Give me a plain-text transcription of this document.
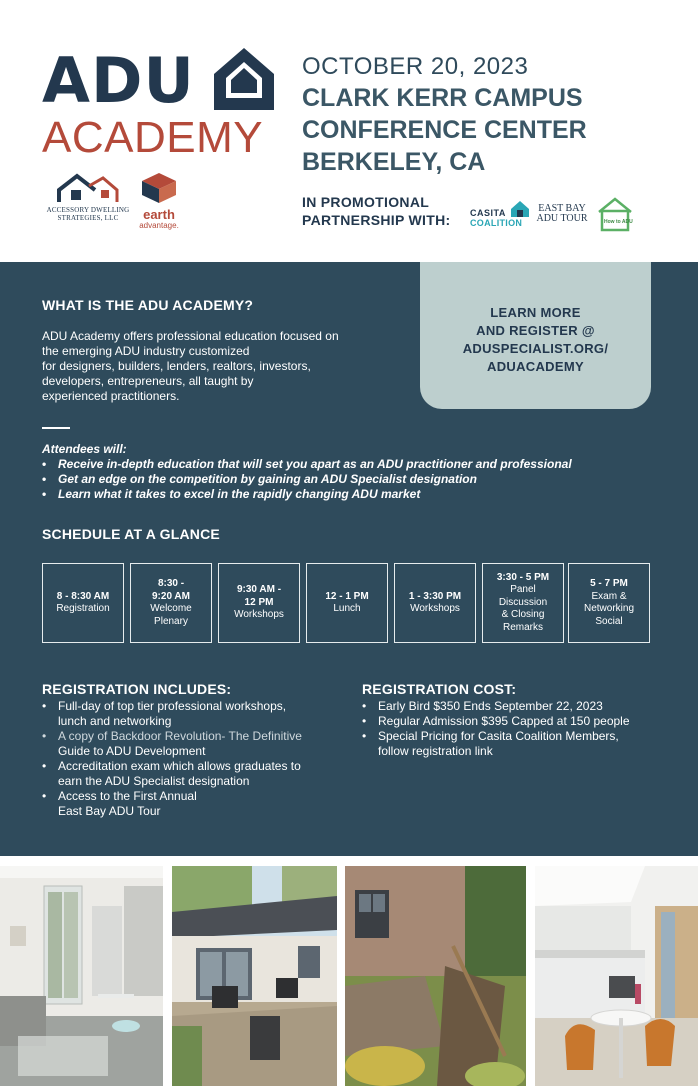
ADU
ACADEMY
ACCESSORY DWELLING STRATEGIES, LLC	earth
advantage.
OCTOBER 20, 2023
CLARK KERR CAMPUS
CONFERENCE CENTER
BERKELEY, CA
IN PROMOTIONAL
PARTNERSHIP WITH: CASITA
COALITION
EAST BAY
ADU TOUR	How to ADU
LEARN MORE
AND REGISTER @
ADUSPECIALIST.ORG/
ADUACADEMY
WHAT IS THE ADU ACADEMY?
ADU Academy offers professional education focused on
the emerging ADU industry customized
for designers, builders, lenders, realtors, investors,
developers, entrepreneurs, all taught by
experienced practitioners.
Attendees will:
• Receive in-depth education that will set you apart as an ADU practitioner and professional
• Get an edge on the competition by gaining an ADU Specialist designation
• Learn what it takes to excel in the rapidly changing ADU market
SCHEDULE AT A GLANCE
8 - 8:30 AM
Registration
8:30 -
9:20 AM
Welcome
Plenary
9:30 AM -
12 PM
Workshops
12 - 1 PM
Lunch
1 - 3:30 PM
Workshops
3:30 - 5 PM
Panel
Discussion
& Closing
Remarks
5 - 7 PM
Exam &
Networking
Social
REGISTRATION INCLUDES:
• Full-day of top tier professional workshops,
lunch and networking
• A copy of Backdoor Revolution- The Definitive
Guide to ADU Development
• Accreditation exam which allows graduates to
earn the ADU Specialist designation
• Access to the First Annual
East Bay ADU Tour
REGISTRATION COST:
• Early Bird $350 Ends September 22, 2023
• Regular Admission $395 Capped at 150 people
• Special Pricing for Casita Coalition Members,
follow registration link
